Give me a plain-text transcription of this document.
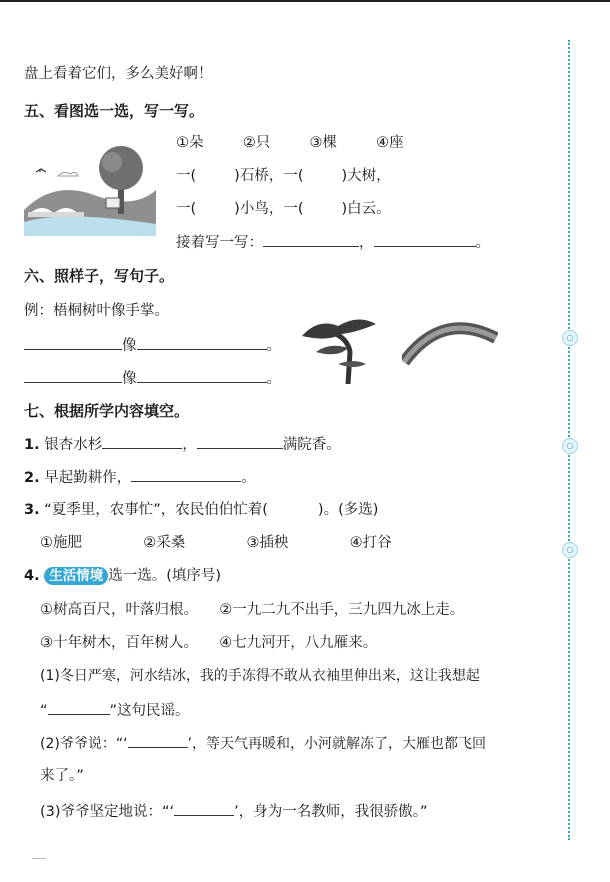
○
○
○
盘上看着它们，多么美好啊！
五、看图选一选，写一写。
①朵	②只	③棵	④座
一(	)石桥，一(	)大树，
一(	)小鸟，一(	)白云。
接着写一写：	，	。
六、照样子，写句子。
例：梧桐树叶像手掌。
像	。
像	。
七、根据所学内容填空。
1. 银杏水杉	，	满院香。
2. 早起勤耕作，	。
3. “夏季里，农事忙”，农民伯伯忙着(	)。(多选)
①施肥	②采桑	③插秧	④打谷
4. 生活情境 选一选。(填序号)
①树高百尺，叶落归根。 ②一九二九不出手，三九四九冰上走。
③十年树木，百年树人。 ④七九河开，八九雁来。
(1)冬日严寒，河水结冰，我的手冻得不敢从衣袖里伸出来，这让我想起
“	”这句民谣。
(2)爷爷说：“‘	’，等天气再暖和，小河就解冻了，大雁也都飞回
来了。”
(3)爷爷坚定地说：“‘	’，身为一名教师，我很骄傲。”
